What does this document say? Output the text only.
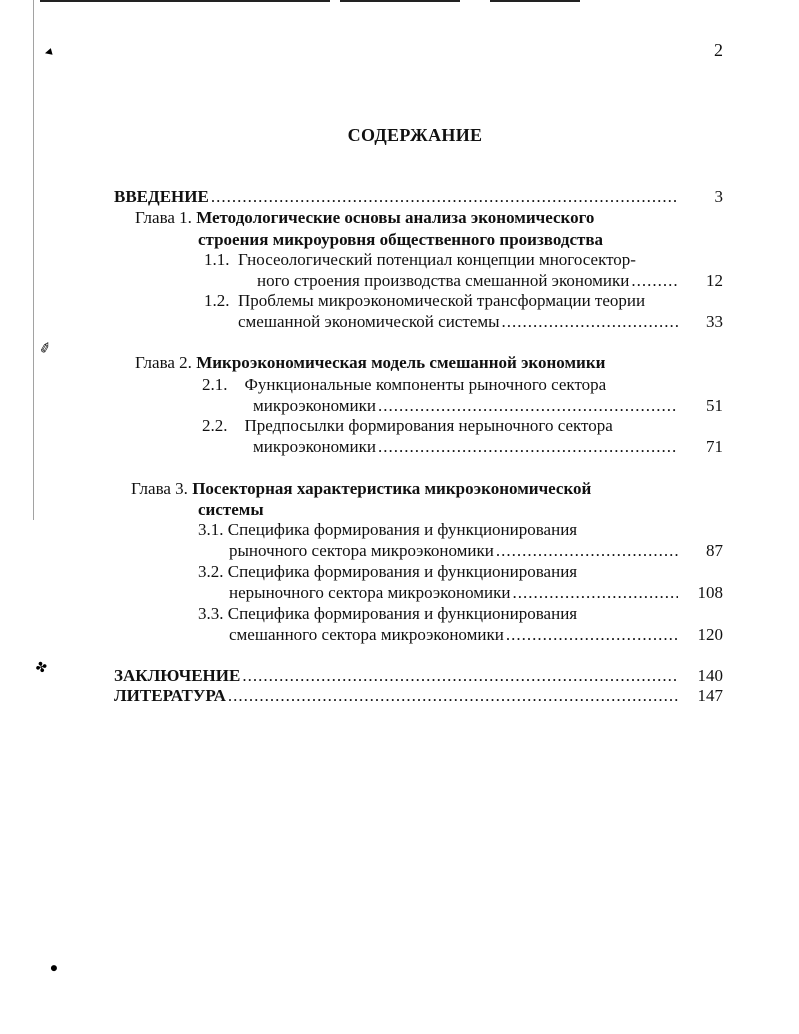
◂
✐
✤
●
2
СОДЕРЖАНИЕ
ВВЕДЕНИЕ .....	3
Глава 1.
Методологические основы анализа экономического
строения микроуровня общественного производства
1.1.
Гносеологический потенциал концепции многосектор-
ного строения производства смешанной экономики .....	12
1.2.
Проблемы микроэкономической трансформации теории
смешанной экономической системы .....	33
Глава 2.
Микроэкономическая модель смешанной экономики
2.1.
Функциональные компоненты рыночного сектора
микроэкономики .....	51
2.2.
Предпосылки формирования нерыночного сектора
микроэкономики .....	71
Глава 3.
Посекторная характеристика микроэкономической
системы
3.1.
Специфика формирования и функционирования
рыночного сектора микроэкономики .....	87
3.2.
Специфика формирования и функционирования
нерыночного сектора микроэкономики .....	108
3.3.
Специфика формирования и функционирования
смешанного сектора микроэкономики .....	120
ЗАКЛЮЧЕНИЕ .....	140
ЛИТЕРАТУРА .....	147
